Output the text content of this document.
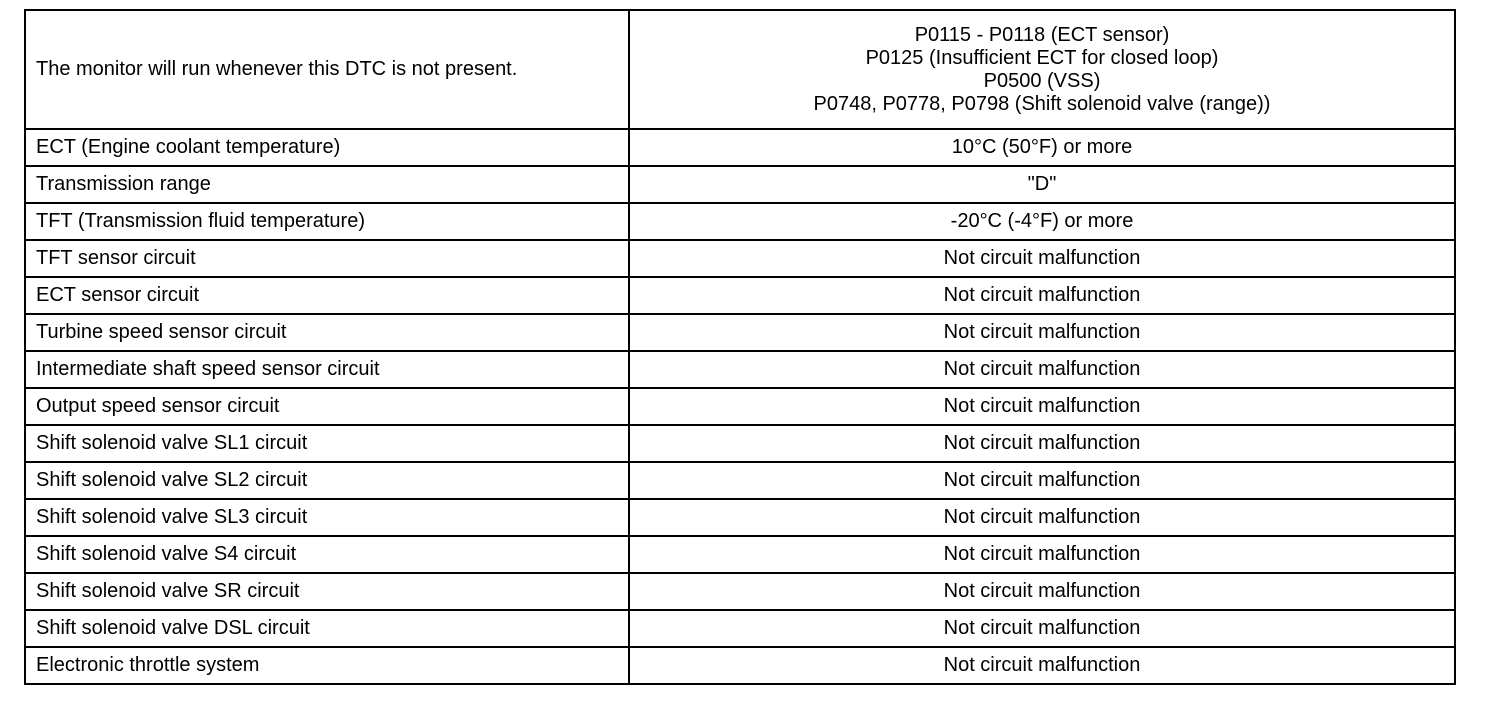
The monitor will run whenever this DTC is not present.	P0115 - P0118 (ECT sensor)
P0125 (Insufficient ECT for closed loop)
P0500 (VSS)
P0748, P0778, P0798 (Shift solenoid valve (range))

ECT (Engine coolant temperature)	10°C (50°F) or more
Transmission range	"D"
TFT (Transmission fluid temperature)	-20°C (-4°F) or more
TFT sensor circuit	Not circuit malfunction
ECT sensor circuit	Not circuit malfunction
Turbine speed sensor circuit	Not circuit malfunction
Intermediate shaft speed sensor circuit	Not circuit malfunction
Output speed sensor circuit	Not circuit malfunction
Shift solenoid valve SL1 circuit	Not circuit malfunction
Shift solenoid valve SL2 circuit	Not circuit malfunction
Shift solenoid valve SL3 circuit	Not circuit malfunction
Shift solenoid valve S4 circuit	Not circuit malfunction
Shift solenoid valve SR circuit	Not circuit malfunction
Shift solenoid valve DSL circuit	Not circuit malfunction
Electronic throttle system	Not circuit malfunction
